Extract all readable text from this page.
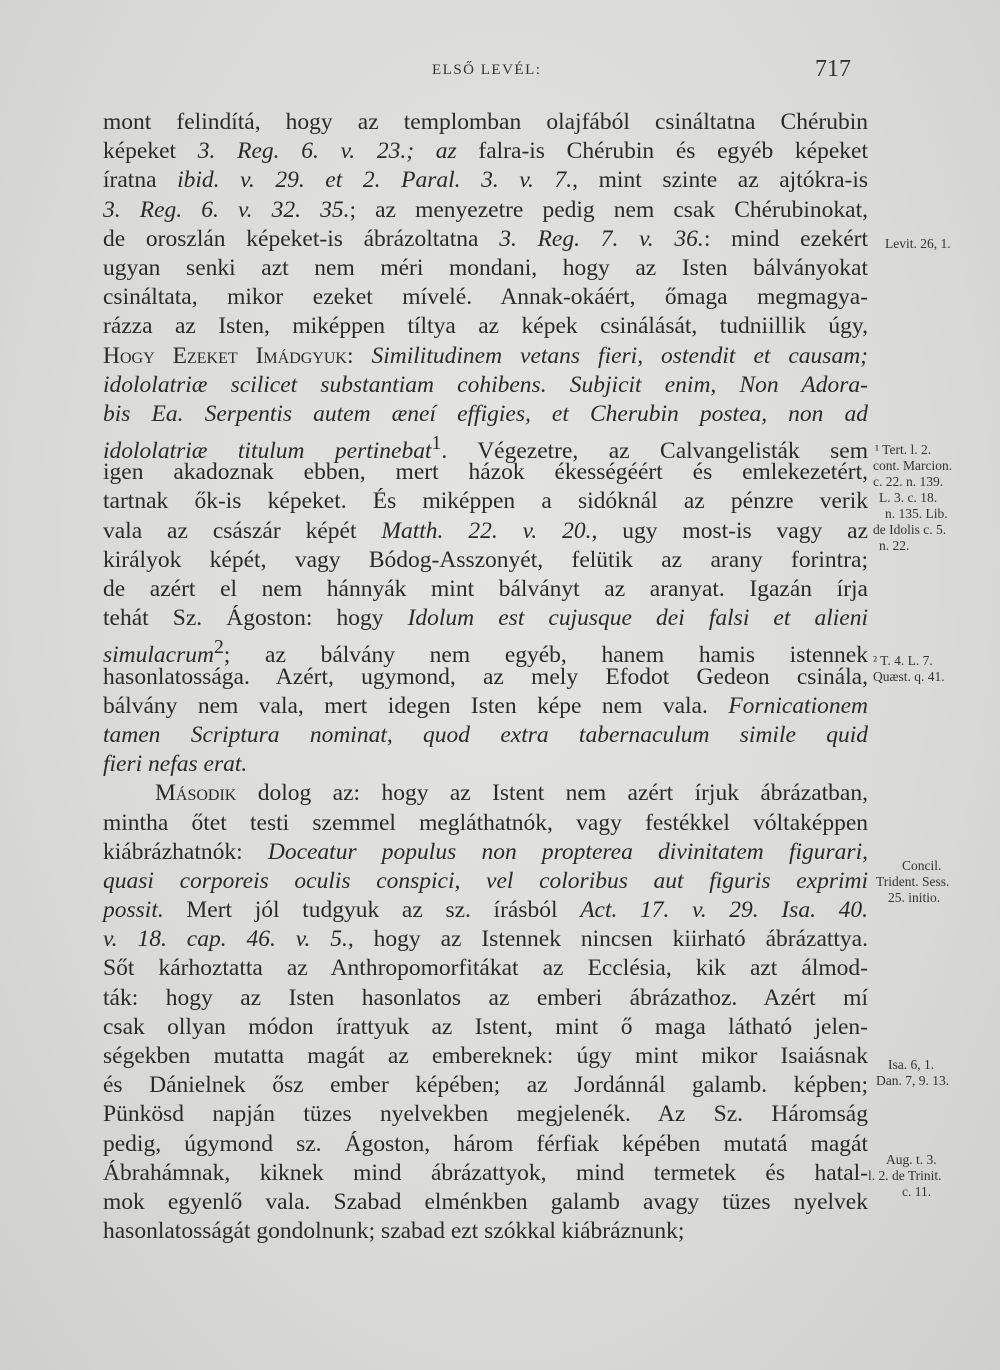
ELSŐ LEVÉL:	717
mont felindítá, hogy az templomban olajfából csináltatna Chérubin
képeket 3. Reg. 6. v. 23.; az falra-is Chérubin és egyéb képeket
íratna ibid. v. 29. et 2. Paral. 3. v. 7., mint szinte az ajtókra-is
3. Reg. 6. v. 32. 35.; az menyezetre pedig nem csak Chérubinokat,
de oroszlán képeket-is ábrázoltatna 3. Reg. 7. v. 36.: mind ezekért
ugyan senki azt nem méri mondani, hogy az Isten bálványokat
csináltata, mikor ezeket mívelé. Annak-okáért, őmaga megmagya-
rázza az Isten, miképpen tíltya az képek csinálását, tudniillik úgy,
Hogy Ezeket Imádgyuk: Similitudinem vetans fieri, ostendit et causam;
idololatriæ scilicet substantiam cohibens. Subjicit enim, Non Adora-
bis Ea. Serpentis autem æneí effigies, et Cherubin postea, non ad
idololatriæ titulum pertinebat$^1$. Végezetre, az Calvangelisták sem
igen akadoznak ebben, mert házok ékességéért és emlekezetért,
tartnak ők-is képeket. És miképpen a sidóknál az pénzre verik
vala az császár képét Matth. 22. v. 20., ugy most-is vagy az
királyok képét, vagy Bódog-Asszonyét, felütik az arany forintra;
de azért el nem hánnyák mint bálványt az aranyat. Igazán írja
tehát Sz. Ágoston: hogy Idolum est cujusque dei falsi et alieni
simulacrum$^2$; az bálvány nem egyéb, hanem hamis istennek
hasonlatossága. Azért, ugymond, az mely Efodot Gedeon csinála,
bálvány nem vala, mert idegen Isten képe nem vala. Fornicationem
tamen Scriptura nominat, quod extra tabernaculum simile quid
fieri nefas erat.
Második dolog az: hogy az Istent nem azért írjuk ábrázatban,
mintha őtet testi szemmel megláthatnók, vagy festékkel vóltaképpen
kiábrázhatnók: Doceatur populus non propterea divinitatem figurari,
quasi corporeis oculis conspici, vel coloribus aut figuris exprimi
possit. Mert jól tudgyuk az sz. írásból Act. 17. v. 29. Isa. 40.
v. 18. cap. 46. v. 5., hogy az Istennek nincsen kiirható ábrázattya.
Sőt kárhoztatta az Anthropomorfitákat az Ecclésia, kik azt álmod-
ták: hogy az Isten hasonlatos az emberi ábrázathoz. Azért mí
csak ollyan módon írattyuk az Istent, mint ő maga látható jelen-
ségekben mutatta magát az embereknek: úgy mint mikor Isaiásnak
és Dánielnek ősz ember képében; az Jordánnál galamb. képben;
Pünkösd napján tüzes nyelvekben megjelenék. Az Sz. Háromság
pedig, úgymond sz. Ágoston, három férfiak képében mutatá magát
Ábrahámnak, kiknek mind ábrázattyok, mind termetek és hatal-
mok egyenlő vala. Szabad elménkben galamb avagy tüzes nyelvek
hasonlatosságát gondolnunk; szabad ezt szókkal kiábráznunk;
Levit. 26, 1.
¹ Tert. l. 2.
cont. Marcion.
c. 22. n. 139.
L. 3. c. 18.
n. 135. Lib.
de Idolis c. 5.
n. 22.
² T. 4. L. 7.
Quæst. q. 41.
Concil.
Trident. Sess.
25. initio.
Isa. 6, 1.
Dan. 7, 9. 13.
Aug. t. 3.
l. 2. de Trinit.
c. 11.
